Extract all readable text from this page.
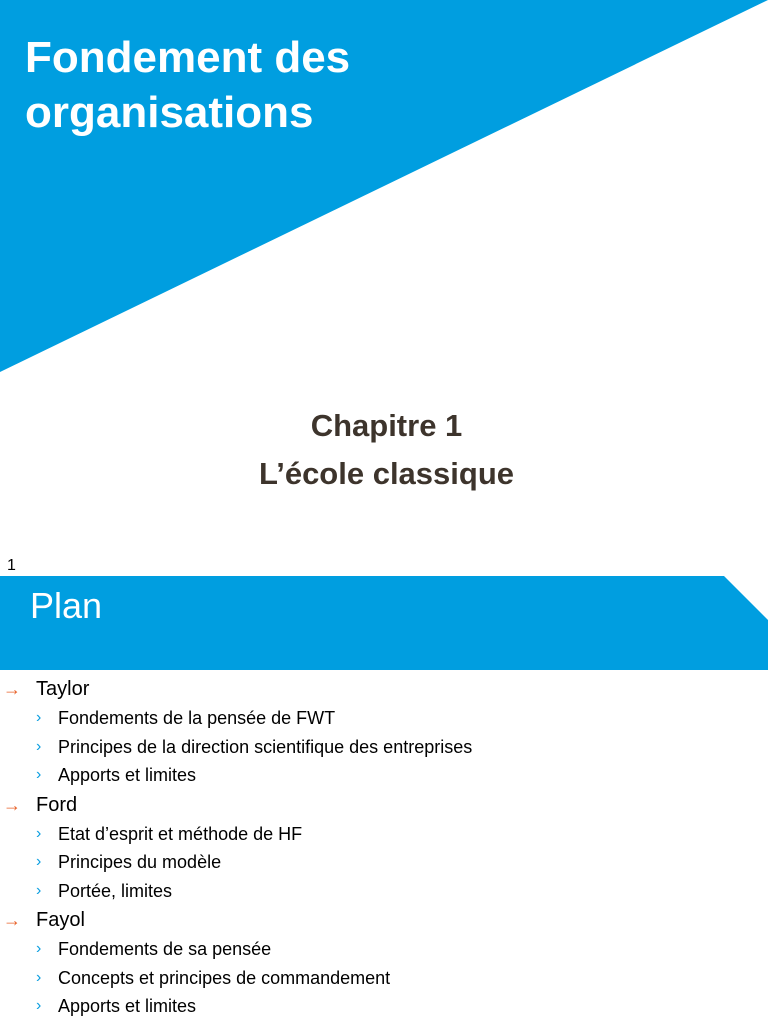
Fondement des
organisations
Chapitre 1
L’école classique
1
Plan
→ Taylor
› Fondements de la pensée de FWT
› Principes de la direction scientifique des entreprises
› Apports et limites
→ Ford
› Etat d’esprit et méthode de HF
› Principes du modèle
› Portée, limites
→ Fayol
› Fondements de sa pensée
› Concepts et principes de commandement
› Apports et limites
